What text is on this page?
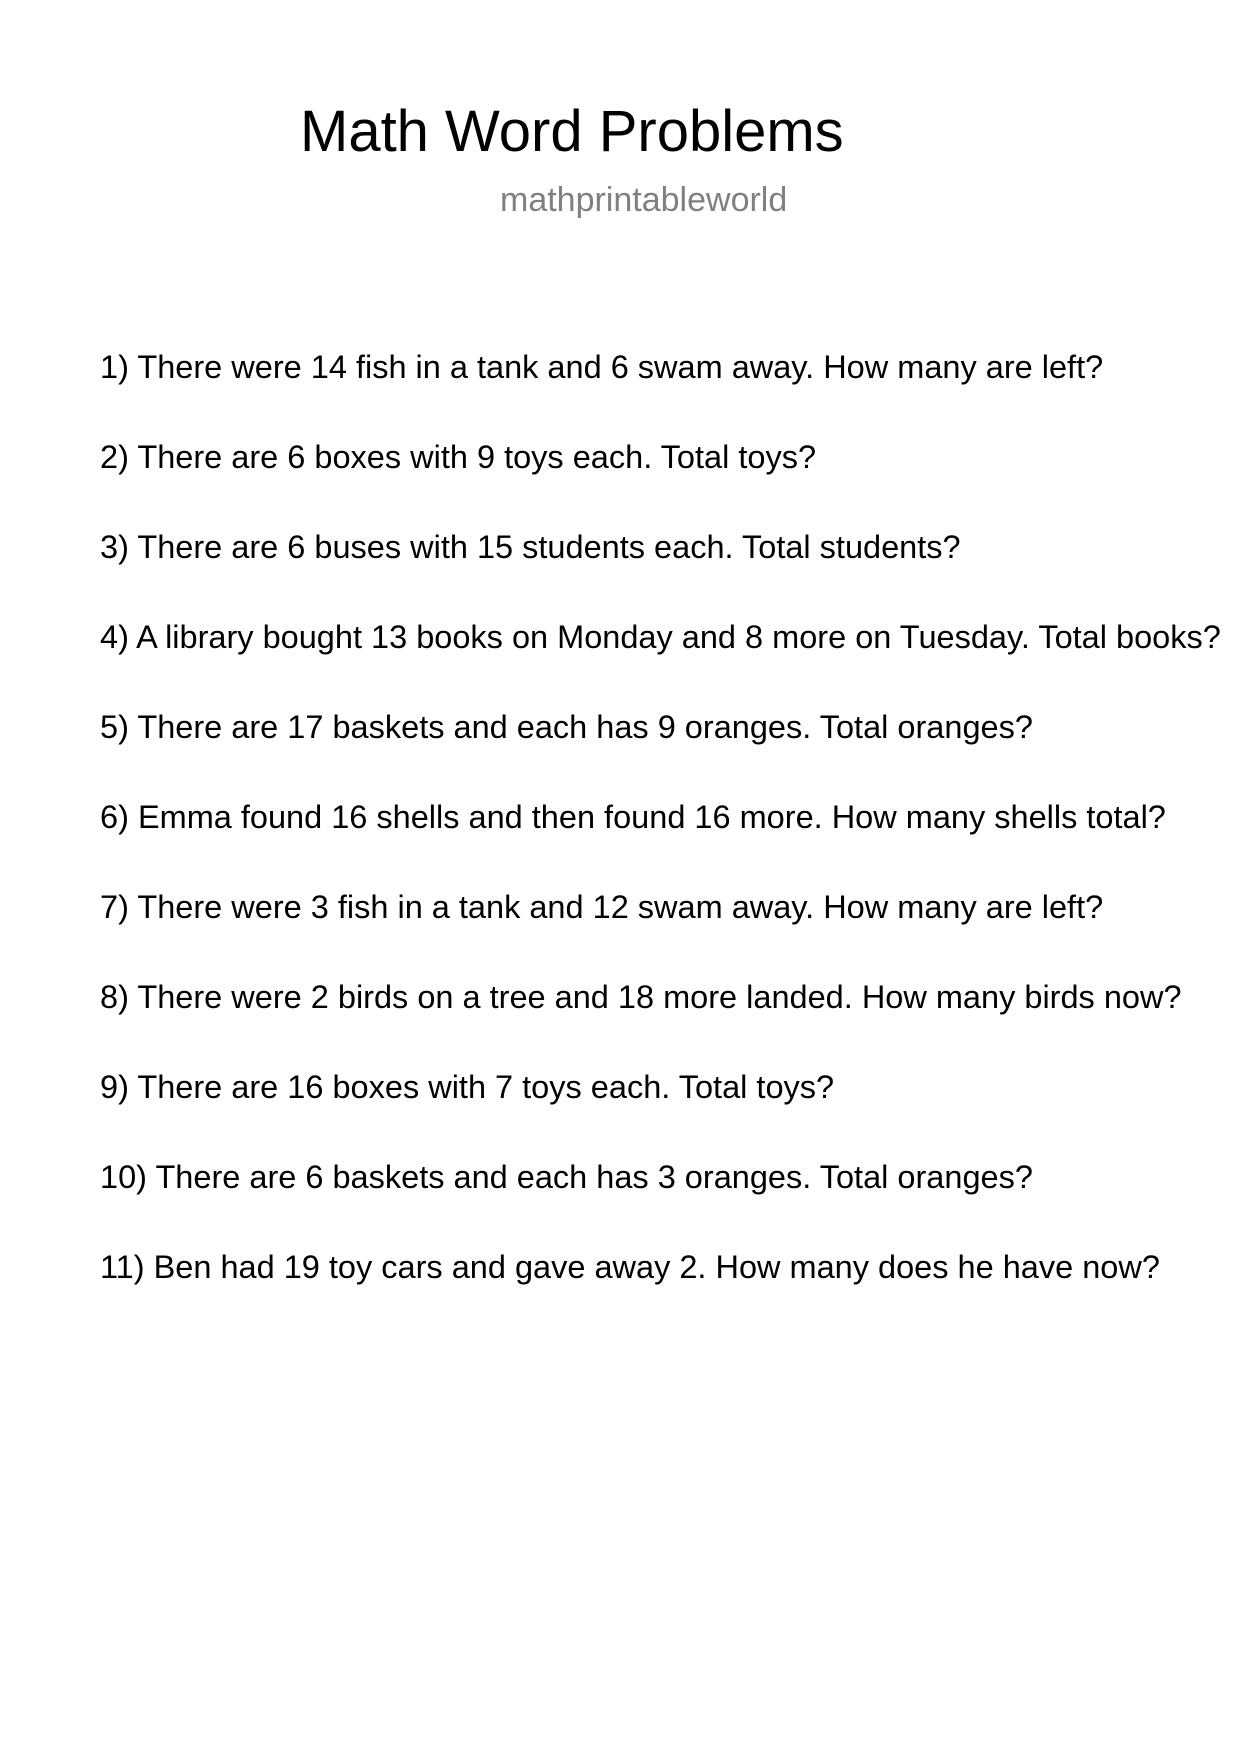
Math Word Problems
mathprintableworld
1) There were 14 fish in a tank and 6 swam away. How many are left?
2) There are 6 boxes with 9 toys each. Total toys?
3) There are 6 buses with 15 students each. Total students?
4) A library bought 13 books on Monday and 8 more on Tuesday. Total books?
5) There are 17 baskets and each has 9 oranges. Total oranges?
6) Emma found 16 shells and then found 16 more. How many shells total?
7) There were 3 fish in a tank and 12 swam away. How many are left?
8) There were 2 birds on a tree and 18 more landed. How many birds now?
9) There are 16 boxes with 7 toys each. Total toys?
10) There are 6 baskets and each has 3 oranges. Total oranges?
11) Ben had 19 toy cars and gave away 2. How many does he have now?
